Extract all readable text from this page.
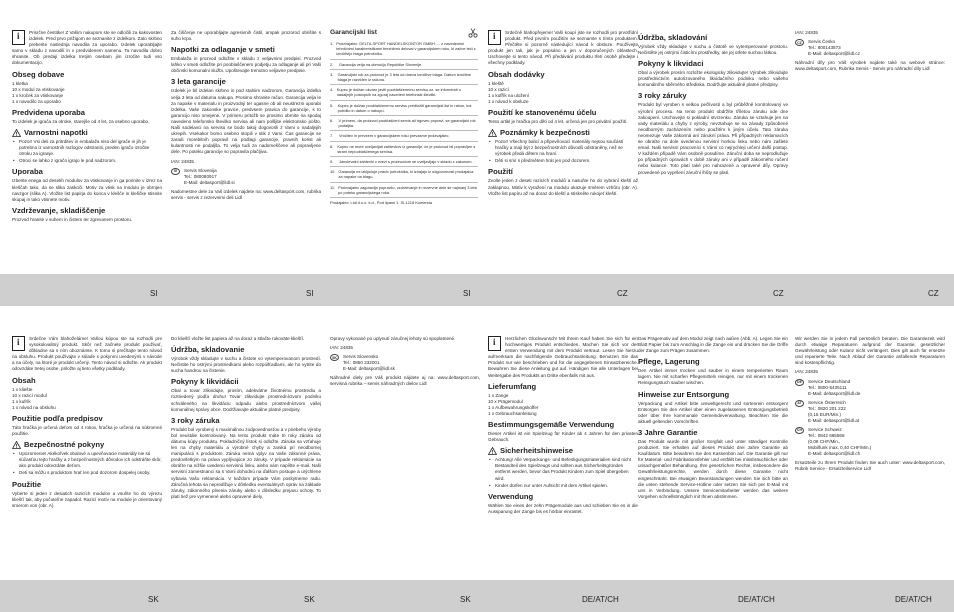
i

Prisrčne čestitke! Z Vašim nakupom ste se odločili za kakovosten izdelek. Pred prvo prižigom se seznanite z izdelkom. Zato skrbno preberite naslednja navodila za uporabo. Izdelek uporabljajte samo v skladu z navodili in v predvidenem namenu. Ta navodila dobro shranite. Ob predaji izdelka tretjim osebam jim izročite tudi vso dokumentacijo.

Obseg dobave
1 kletka
10 x modul za vtiskovanje
1 x kroček za vtiskovanje
1 x navodilo za uporabo
Predvidena uporaba

To izdelek je igrača za otroke, starejše od 4 let, za osebno uporabo.

! Varnostni napotki
• Pozor! Vsi deli za pritrditev in embalaža niso del igrače in jih je potrebno iz varnostnih razlogov odstraniti, preden igračo izročite otroku za igranje.
• Otroci se lahko z igračo igrajo le pod nadzorom.
Uporaba

Izberite enega od desetih modulov za vtiskovanje in ga porinite v izrez na kleščah tako, da se slika zaskoči. Motiv za vtisk na modulu je obrnjen navzgor (slika A). Vložite list papirja do konca v klešče in kleščke stisnite skupaj in tako vtisnete motiv.

Vzdrževanje, skladiščenje

Prozvod hranite v suhem in čistem ter zgrevanem prostoru.

Za čiščenje ne uporabljajte agresivnih čistil, ampak prozorod obrišite s suho krpo.

Napotki za odlaganje v smeti

Embalaža in prozvod odložite v skladu z veljavnimi predpisi. Prozvod lahko v smeti odložite pri pooblaščenem podjetju za odlaganje ali pri Vaši občinski komunalni službi. Upoštevajte trenutno veljavne predpise.

3 leta garancije

Izdelek je bil izdelan skrbno in pod stalnim nadzorom. Garancija izdelka velja 3 leta od datuma nakupa. Prosimo shranite račun. Garancija velja le za napake v materialu in proizvodnji ter ugasne ob ali neustrezni uporabi izdelka. Vaše zakonske pravice, predvsem pravica do garancije, s to garancijo niso omejene. V primeru pritožb se prosimo obrnite na spodaj navedeno telefonsko številko servisa ali nam pošljite elektronsko pošto. Naši sodelavci na servisu se bodo takoj dogovorili z Vami o nadaljnjih ukrepih. Vsekakor bomo osebno stopili v stik z Vami. Čas garancije se zaradi morebitnih popravil na podlagi garancije, pravnih korist ali kulantnosti ne podaljša. To velja tudi za nadomeščene ali popravljene dele. Po poteku garancije so popravila plačljiva.

IAN: 24835

SI	Servis Slovenija
Tel.: 080080917
E-Mail: deltasport@lidl.si

Nadomestne dele za Vaš izdelek najdete na: www.deltasport.com, rubrika servis - servis z rezervnimi deli Lidl

Garancijski list
1. Proizvajalec: DELTA-SPORT HANDELSKONTOR GMBH, ... z navedenimi tehničnimi karakteristikami brezhibno deloval v garancijskem roku, ki začne teči z izročitvijo blaga potrošniku.
2.	Garancija velja na območju Republike Slovenije.
3.	Garancijski rok za proizvod je 3 leta od dneva izročitve blaga. Datum izročitve blaga je razviden iz računa.
4. Kupec je dolžan okvaro javiti pooblaščenemu servisu oz. se informirati o nadaljnjih postopkih na zgoraj navedeni telefonski številki.
5.	Kupec je dolžan pooblaščenemu servisu predložiti garancijski list in račun, kot potrdilo in datum o nakupu.
6.	V primeru, da proizvod pooblaščeni servis ali trgovec popravi, se garancijski rok podaljša.
7.	Vročitev in prevzem v garancijskem roku prevzame proizvajalec.
8. Kupec ne more uveljavljati zahtevkov iz garancije, če je proizvod bil popravljen s strani nepooblaščenega servisa.
9.	Jamčevalni zahtevki v zvezi s proizvodom se uveljavljajo v skladu z zakonom.
10. Garancija ne izključuje pravic potrošnika, ki izhajajo iz odgovornosti prodajalca za napake na blagu.
11. Proizvajalec zagotavlja popravilo, vzdrževanje in rezervne dele še najmanj 3 leta po poteku garancijskega roka.

Prodajalec: Lidl d.o.o. k.d., Pod lipami 1, SI-1218 Komenda

i

Srdečně blahopřejeme! Vaší koupí jste se rozhodli pro prvotřídní produkt. Před prvním použitím se seznamte s tímto produktem. Přečtěte si pozorně následující návod k obsluze. Používejte produkt jen tak, jak je popsáno a jen v doporučených oblastech. Uschovejte si tento návod. Při předávání produktu třetí osobě předejte i všechny podklady.

Obsah dodávky
1 kleště
10 x razicí
1 x kufřík na uložení
1 x návod k obsluze
Použití ke stanovenému účelu

Tento artikl je hračka pro děti od 4 let, určená jen pro privátní použití.

! Poznámky k bezpečnosti
• Pozor! Všechny balicí a připevňovací materiály nejsou součástí hračky a mají být z bezpečnostních důvodů odstraněny, než se výrobek předá dětem na hraní.
• Děti si smí s předmětem hrát jen pod dozorem.
Použití

Zvolte jeden z deseti razicích modulů a nasuňte ho do vybrání kleští až zaklapnou. Motiv k vyražení na modulu ukazuje směrem vzhůru (obr. A). Vložte list papíru až na doraz do kleští a stiskněte rukojeť kleští.

Údržba, skladování

Výrobek vždy skladujte v suchu a čistotě ve vytemperované prostoru. Nečistěte jej ostrými čisticími prostředky, ale jej otřete suchou látkou.

Pokyny k likvidaci

Obal a výrobek prosím rozložte ekologicky zlikvidujte! Výrobek zlikvidujte prostřednictvím autorizovaného likvidačního podniku nebo vašeho komunálního sběrného střediska. Dodržujte aktuálně platné předpisy.

3 roky záruky

Produkt byl vyroben s velkou pečlivostí a byl průběžně kontrolovaný ve výrobní procesu. Na tento produkt obdržíte tříletou záruku ode dne zakoupení. Uschovejte si pokladní stvrzenku. Záruka se vztahuje jen na vady materiálu a chyby z výroby, nevztahuje se na závady způsobené neodborným zacházením nebo použitím k jiným účelu. Tato záruka neomezuje Vaše zákonná ani zárukní práva. Při případných reklamacích se obraťte na dole uvedenou servisní horkou linku nebo nám zašlete email. Naši servisní pracovníci s Vámi co nejrychleji určení další postup. V každém případě Vám osobně poradíme. Záruční doba se neprodlužuje po případných opravách v době záruky ani v případě zákonného ručení nebo kulance. Toto platí také pro nahrazené a opravené díly. Opravy provedené po vypršení záruční lhůty se platí.

IAN: 24835

CZ	Servis Česko
Tel.: 800143873
E-Mail: deltasport@lidl.cz

Náhradní díly pro Váš výrobek najdete také na webové stránce: www.deltasport.com, Rubrika Servis - Servis pro náhradní díly Lidl

SI	SI	SI	CZ	CZ	CZ
i

Srdečne Vám blahoželáme! Vašou kúpou ste sa rozhodli pre vysokokvalitný produkt. Skôr než začnete produkt používať, dôkladne sa s ním oboznámte. K tomu si prečítajte tento návod na obsluhu. Produkt používajte v súlade s pokynmi uvedenými v návode a na účely, na ktoré je produkt určený. Tento návod si odložte. Ak produkt odovzdáte tretej osobe, priložte aj tieto všetky podklady.

Obsah
1 x kliešte
10 x razicí modul
1 x kufrík
1 x návod na obsluhu
Použitie podľa predpisov

Táto hračka je určená deťom od 4 rokov, hračka je určená na súkromné použitie.

! Bezpečnostné pokyny
• Upozornenie! Akékoľvek obalové a upevňovacie materiály nie sú súčasťou tejto hračky a z bezpečnostných dôvodov ich odstráňte skôr, ako produkt odovzdáte deťom.
• Deti sa môžu s produktom hrať len pod dozorom dospelej osoby.
Použitie

Vyberte si jeden z desiatich razicích modulov a vsuňte ho do výrezu kliešťí tak, aby počuteľne zapadol. Razicí motív na module je orientovaný smerom von (obr. A).

Do kliešťí vložte list papiera až na doraz a stlačte rukoväte kliešťí.

Údržba, skladovanie

Výrobok vždy skladujte v suchu a čistote vo vytemperovanom prostredí. Nečistite ho ostrými prostriedkami alebo rozpúšťadlami, ale ho vytrite do sucha handrou na čistenie.

Pokyny k likvidácii

Obal a tovar zlikvidujte, prosím, adekvátne životnému prostrediu a roztriedený podľa druhu! Tovar zlikvidujte prostredníctvom podniku schváleného na likvidáciu odpadu alebo prostredníctvom vášej komunálnej správy obce. Dodržiavajte aktuálne platné predpisy.

3 roky záruka

Produkt bol vyrobený s maximálnou zodpovednosťou a v priebehu výroby bol neustále kontrolovaný. Na tento produkt máte tri roky záruku od dátumu kúpy produktu. Pokladničný lístok si odložte. Záruka sa vzťahuje len na chyby materiálu a výrobné chyby a zaniká pri neodbornej manipulácii s produktom. Záruka nemá vplyv na Vaše zákonné práva, predovšetkým na práva vyplývajúce zo záruky. V prípade reklamácie sa obráťte na nižšie uvedenú servisnú linku, alebo nám napíšte e-mail. Naši servisní zamestnanci sa s Vami dohodnú na ďalšom postupe a urýchlene vybavia Vašu reklamáciu. V každom prípade Vám poskytneme radu. Záručná lehota sa nepredlžuje v dôsledku eventuálnych opráv na základe záruky, zákonného plnenia záruky alebo v dôsledku prejavu ochoty. To platí tiež pre vymenené alebo opravené diely.

Opravy vykonané po uplynutí záručnej lehoty sú spoplatnené.

IAN: 24835

SK	Servis Slovensko
Tel.: 0850 232001
E-Mail: deltasport@lidl.sk

Náhradné diely pre Váš produkt nájdete aj na: www.deltasport.com, servisná rubrika – servis náhradných dielov Lidl

i

Herzlichen Glückwunsch! Mit Ihrem Kauf haben Sie sich für ein hochwertiges Produkt entschieden. Machen Sie sich vor der ersten Verwendung mit dem Produkt vertraut. Lesen Sie hierzu aufmerksam die nachfolgende Gebrauchsanleitung. Benutzen Sie das Produkt nur wie beschrieben und für die angegebenen Einsatzbereiche. Bewahren Sie diese Anleitung gut auf. Händigen Sie alle Unterlagen bei Weitergabe des Produkts an Dritte ebenfalls mit aus.

Lieferumfang
1 x Zange
10 x Prägemodul
1 x Aufbewahrungskoffer
1 x Gebrauchsanleitung
Bestimmungsgemäße Verwendung

Dieser Artikel ist ein Spielzeug für Kinder ab 4 Jahren für den privaten Gebrauch.

! Sicherheitshinweise
• Achtung! Alle Verpackungs- und Befestigungsmaterialien sind nicht Bestandteil des Spielzeugs und sollten aus Sicherheitsgründen entfernt werden, bevor das Produkt Kindern zum Spiel übergeben wird.
• Kinder dürfen nur unter Aufsicht mit dem Artikel spielen.
Verwendung

Wählen Sie eines der zehn Prägemodule aus und schieben Sie es in die Aussparung der Zange bis es hörbar einrastet.

Das Prägemotiv auf dem Modul zeigt nach außen (Abb. A). Legen Sie ein Blatt Papier bis zum Anschlag in die Zange ein und drücken Sie die Griffe der Zange zum Prägen zusammen.

Pflege, Lagerung

Den Artikel immer trocken und sauber in einem temperierten Raum lagern. Nie mit scharfen Pflegemitteln reinigen, nur mit einem trockenen Reinigungstuch sauber wischen.

Hinweise zur Entsorgung

Verpackung und Artikel bitte umweltgerecht und sortenrein entsorgen! Entsorgen Sie den Artikel über einen zugelassenen Entsorgungsbetrieb oder über Ihre kommunale Gemeindeverwaltung. Beachten Sie die aktuell geltenden Vorschriften.

3 Jahre Garantie

Das Produkt wurde mit großer Sorgfalt und unter ständiger Kontrolle produziert. Sie erhalten auf dieses Produkt drei Jahre Garantie ab Kaufdatum. Bitte bewahren Sie den Kassenbon auf. Die Garantie gilt nur für Material- und Fabrikationsfehler und entfällt bei missbräuchlicher oder unsachgemäßer Behandlung. Ihre gesetzlichen Rechte, insbesondere die Gewährleistungsrechte, werden durch diese Garantie nicht eingeschränkt. Bei etwaigen Beanstandungen wenden Sie sich bitte an die unten stehende Service-Hotline oder setzen Sie sich per E-Mail mit uns in Verbindung. Unsere Servicemitarbeiter werden das weitere Vorgehen schnellstmöglich mit Ihnen abstimmen.

Wir werden Sie in jedem Fall persönlich beraten. Die Garantiezeit wird durch etwaige Reparaturen aufgrund der Garantie, gesetzlicher Gewährleistung oder Kulanz nicht verlängert. Dies gilt auch für ersetzte und reparierte Teile. Nach Ablauf der Garantie anfallende Reparaturen sind kostenpflichtig.

IAN: 24835

DE	Service Deutschland
Tel.: 0800-5435111
E-Mail: deltasport@lidl.de
AT	Service Österreich
Tel.: 0820 201 222
(0,15 EUR/Min.)
E-Mail: deltasport@lidl.at
CH	Service Schweiz
Tel.: 0842 665566
(0,08 CHF/Min.,
Mobilfunk max. 0,40 CHF/Min.)
E-Mail: deltasport@lidl.ch

Ersatzteile zu Ihrem Produkt finden Sie auch unter: www.deltasport.com, Rubrik Service - Ersatzteilservice Lidl

SK	SK	SK	DE/AT/CH	DE/AT/CH	DE/AT/CH
